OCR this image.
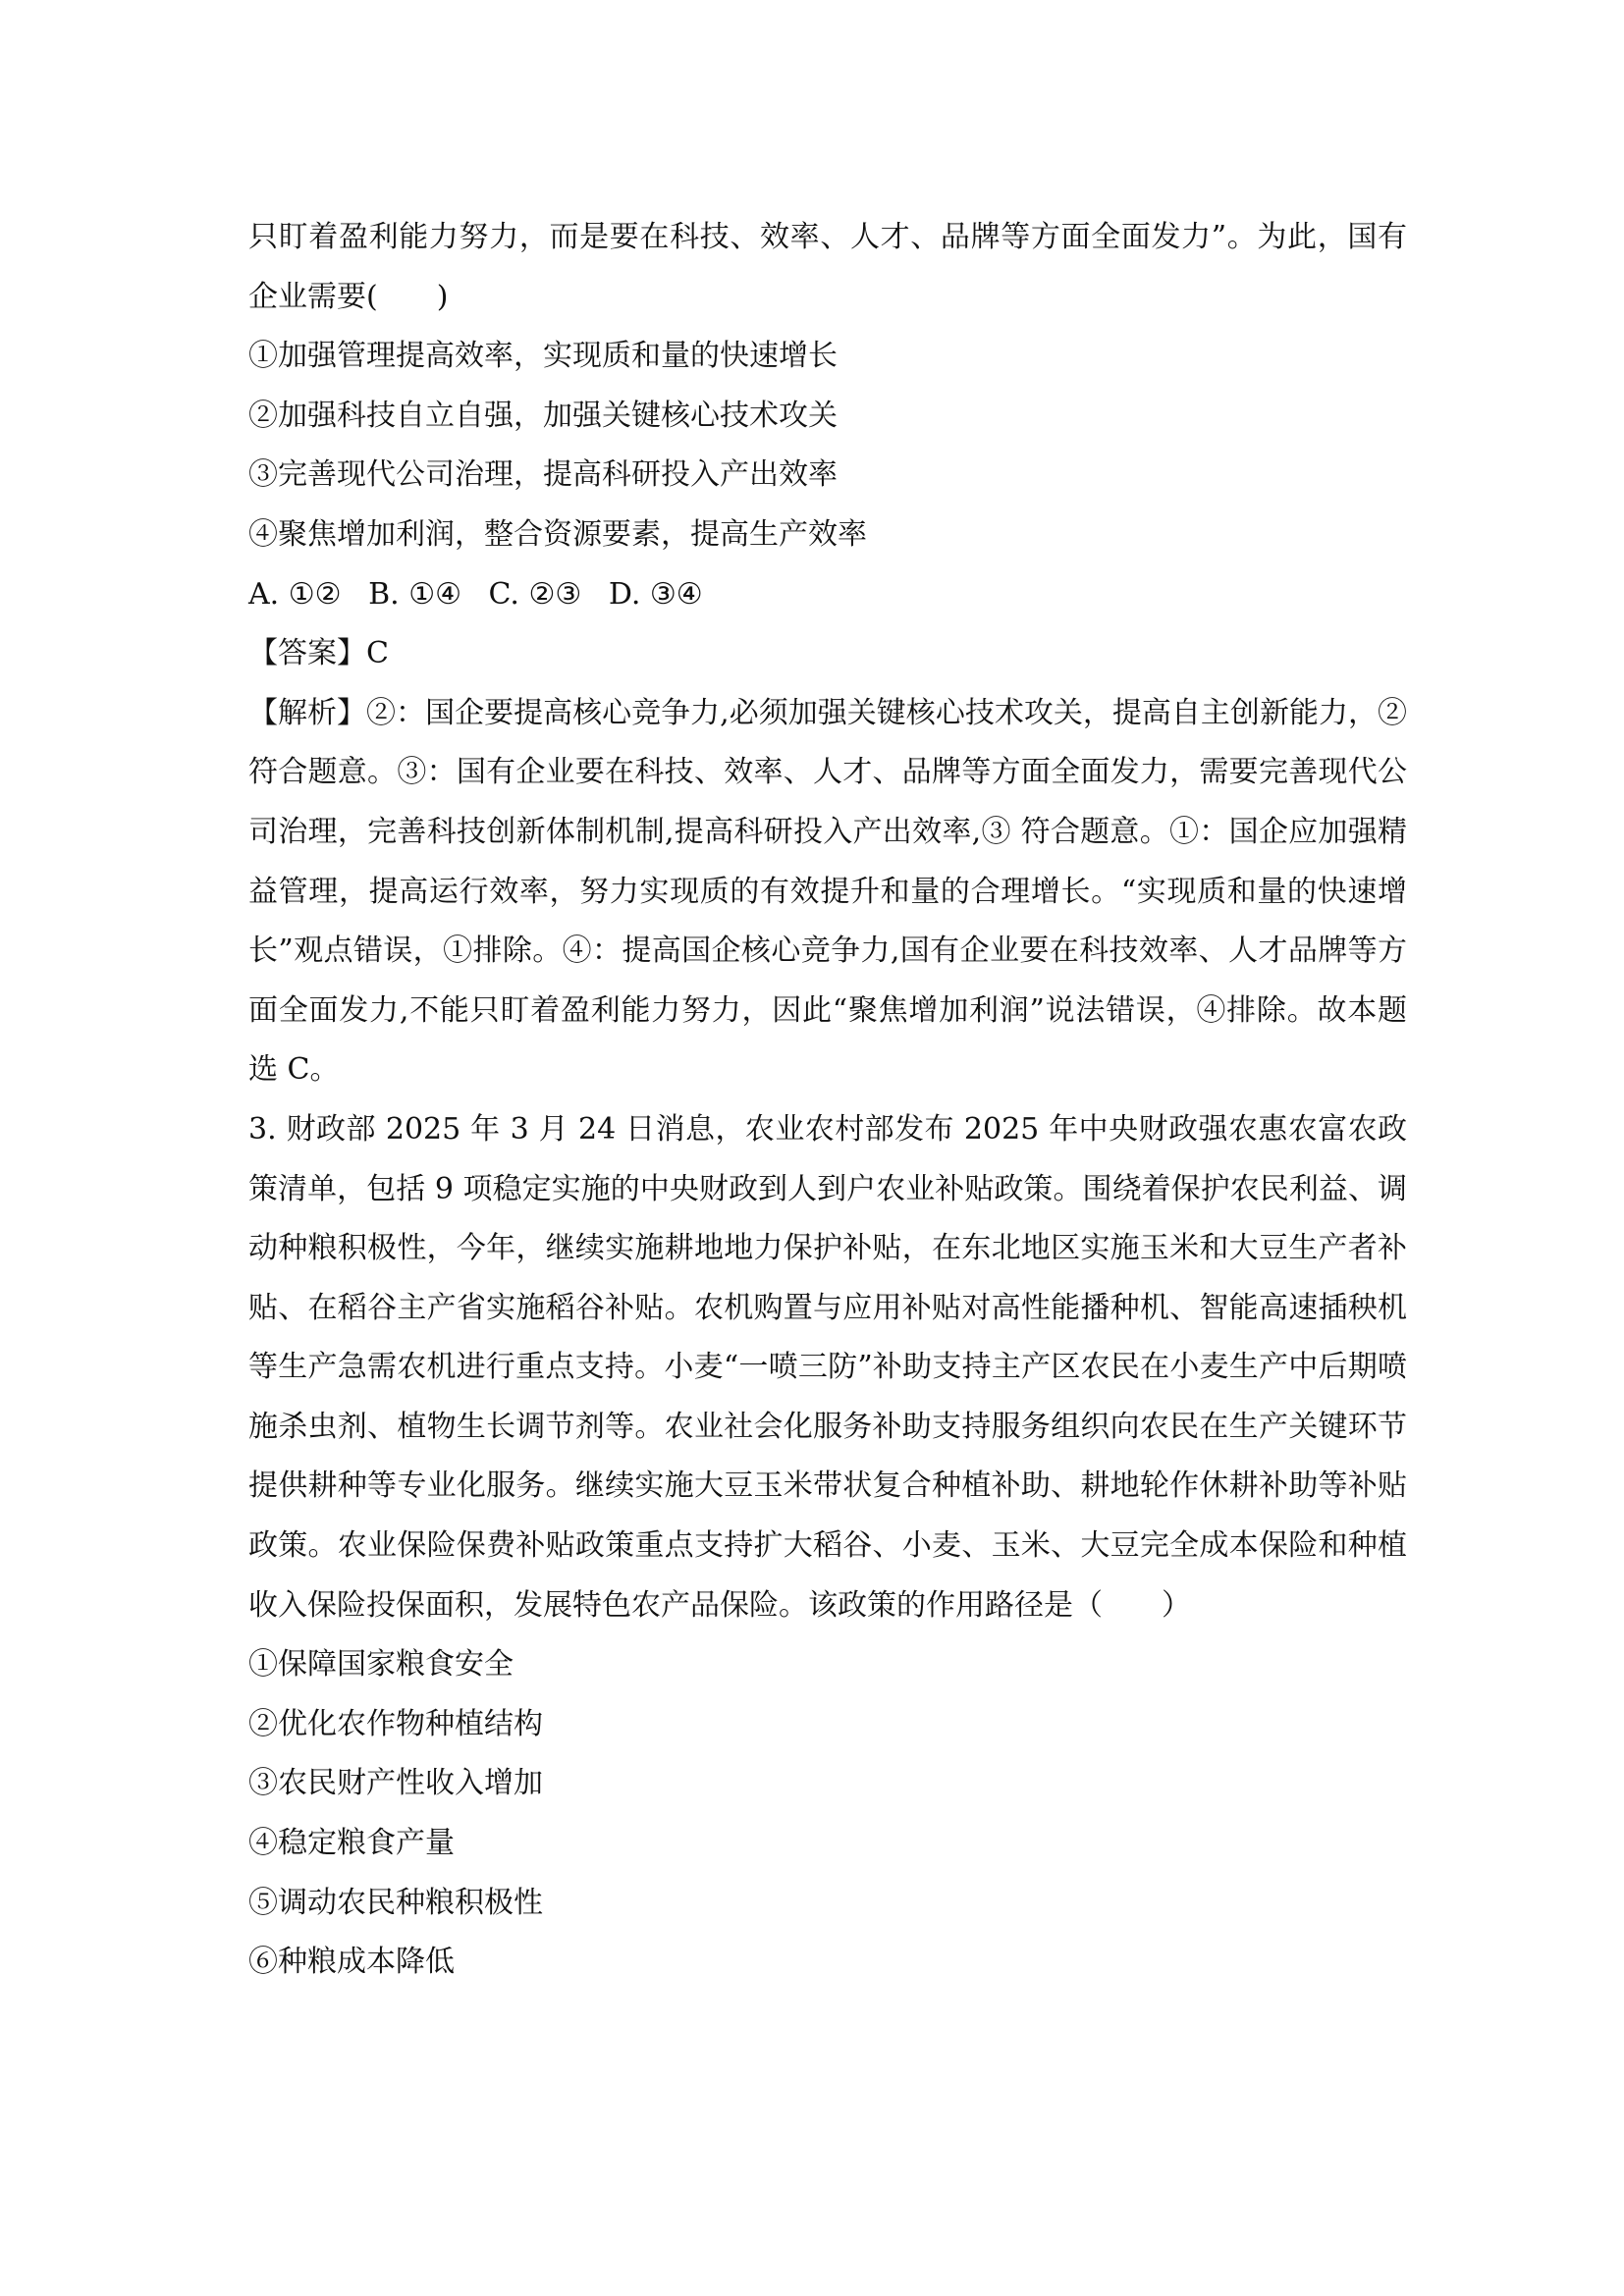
只盯着盈利能力努力，而是要在科技、效率、人才、品牌等方面全面发力”。为此，国有企业需要(　　)

①加强管理提高效率，实现质和量的快速增长

②加强科技自立自强，加强关键核心技术攻关

③完善现代公司治理，提高科研投入产出效率

④聚焦增加利润，整合资源要素，提高生产效率

A. ①② B. ①④ C. ②③ D. ③④

【答案】C

【解析】②：国企要提高核心竞争力,必须加强关键核心技术攻关，提高自主创新能力，②符合题意。③：国有企业要在科技、效率、人才、品牌等方面全面发力，需要完善现代公司治理，完善科技创新体制机制,提高科研投入产出效率,③ 符合题意。①：国企应加强精益管理，提高运行效率，努力实现质的有效提升和量的合理增长。“实现质和量的快速增长”观点错误，①排除。④：提高国企核心竞争力,国有企业要在科技效率、人才品牌等方面全面发力,不能只盯着盈利能力努力，因此“聚焦增加利润”说法错误，④排除。故本题选 C。

3. 财政部 2025 年 3 月 24 日消息，农业农村部发布 2025 年中央财政强农惠农富农政策清单，包括 9 项稳定实施的中央财政到人到户农业补贴政策。围绕着保护农民利益、调动种粮积极性，今年，继续实施耕地地力保护补贴，在东北地区实施玉米和大豆生产者补贴、在稻谷主产省实施稻谷补贴。农机购置与应用补贴对高性能播种机、智能高速插秧机等生产急需农机进行重点支持。小麦“一喷三防”补助支持主产区农民在小麦生产中后期喷施杀虫剂、植物生长调节剂等。农业社会化服务补助支持服务组织向农民在生产关键环节提供耕种等专业化服务。继续实施大豆玉米带状复合种植补助、耕地轮作休耕补助等补贴政策。农业保险保费补贴政策重点支持扩大稻谷、小麦、玉米、大豆完全成本保险和种植收入保险投保面积，发展特色农产品保险。该政策的作用路径是（　　）

①保障国家粮食安全

②优化农作物种植结构

③农民财产性收入增加

④稳定粮食产量

⑤调动农民种粮积极性

⑥种粮成本降低
